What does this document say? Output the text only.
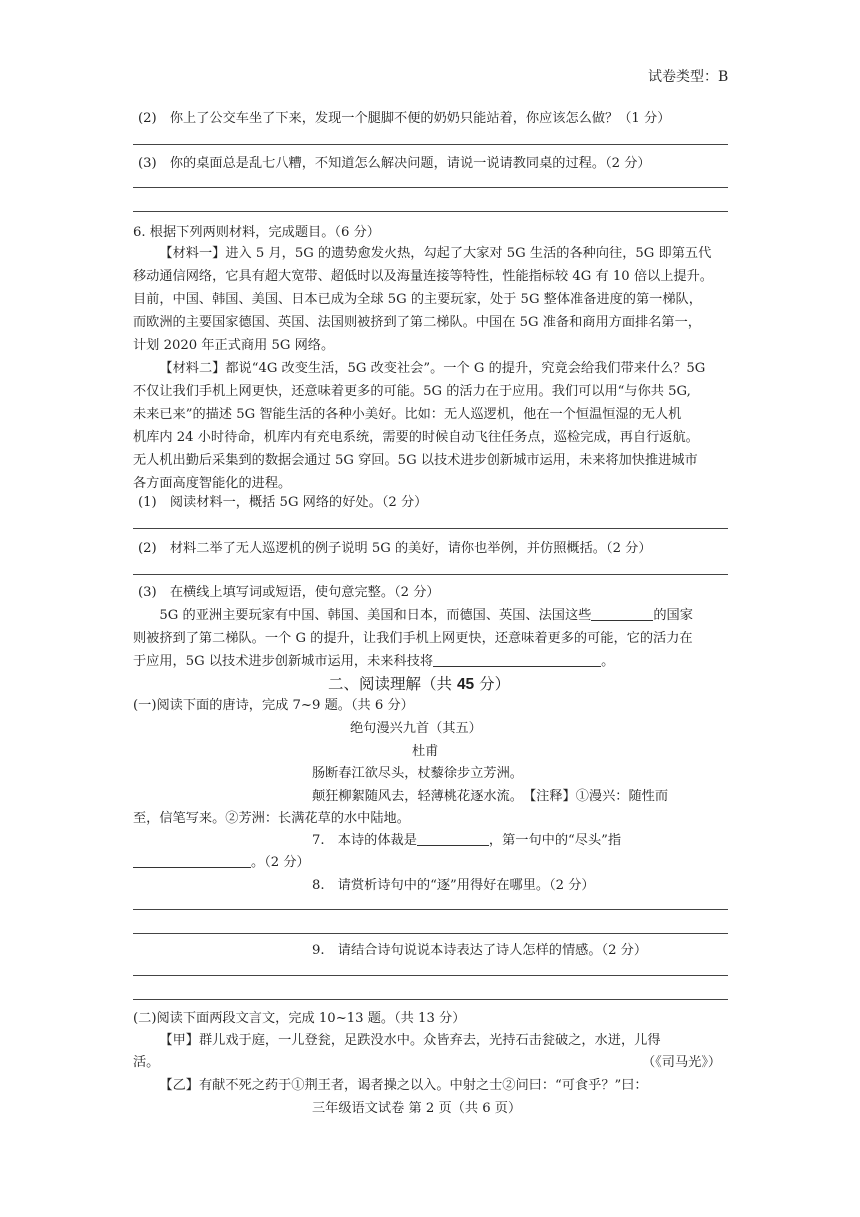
试卷类型：B
(2)　你上了公交车坐了下来，发现一个腿脚不便的奶奶只能站着，你应该怎么做？（1 分）
(3)　你的桌面总是乱七八糟，不知道怎么解决问题，请说一说请教同桌的过程。（2 分）
6. 根据下列两则材料，完成题目。（6 分）
【材料一】进入 5 月，5G 的遗势愈发火热，勾起了大家对 5G 生活的各种向往，5G 即第五代
移动通信网络，它具有超大宽带、超低时以及海量连接等特性，性能指标较 4G 有 10 倍以上提升。
目前，中国、韩国、美国、日本已成为全球 5G 的主要玩家，处于 5G 整体准备进度的第一梯队，
而欧洲的主要国家德国、英国、法国则被挤到了第二梯队。中国在 5G 准备和商用方面排名第一，
计划 2020 年正式商用 5G 网络。
【材料二】都说“4G 改变生活，5G 改变社会”。一个 G 的提升，究竟会给我们带来什么？5G
不仅让我们手机上网更快，还意味着更多的可能。5G 的活力在于应用。我们可以用“与你共 5G,
未来已来”的描述 5G 智能生活的各种小美好。比如：无人巡逻机，他在一个恒温恒湿的无人机
机库内 24 小时待命，机库内有充电系统，需要的时候自动飞往任务点，巡检完成，再自行返航。
无人机出勤后采集到的数据会通过 5G 穿回。5G 以技术进步创新城市运用，未来将加快推进城市
各方面高度智能化的进程。
(1)　阅读材料一，概括 5G 网络的好处。（2 分）
(2)　材料二举了无人巡逻机的例子说明 5G 的美好，请你也举例，并仿照概括。（2 分）
(3)　在横线上填写词或短语，使句意完整。（2 分）
5G 的亚洲主要玩家有中国、韩国、美国和日本，而德国、英国、法国这些	的国家
则被挤到了第二梯队。一个 G 的提升，让我们手机上网更快，还意味着更多的可能，它的活力在
于应用，5G 以技术进步创新城市运用，未来科技将	。
二、阅读理解（共 45 分）
(一)阅读下面的唐诗，完成 7~9 题。（共 6 分）
绝句漫兴九首（其五）
杜甫
肠断春江欲尽头，杖藜徐步立芳洲。
颠狂柳絮随风去，轻薄桃花逐水流。　【注释】①漫兴：随性而
至，信笔写来。②芳洲：长满花草的水中陆地。
7.　本诗的体裁是	，第一句中的“尽头”指
。（2 分）
8.　请赏析诗句中的“逐”用得好在哪里。（2 分）
9.　请结合诗句说说本诗表达了诗人怎样的情感。（2 分）
(二)阅读下面两段文言文，完成 10~13 题。（共 13 分）
【甲】群儿戏于庭，一儿登瓮，足跌没水中。众皆弃去，光持石击瓮破之，水迸，儿得
活。	（《司马光》）
【乙】有献不死之药于①荆王者，谒者操之以入。中射之士②问曰：“可食乎？”曰：
三年级语文试卷 第 2 页（共 6 页）
